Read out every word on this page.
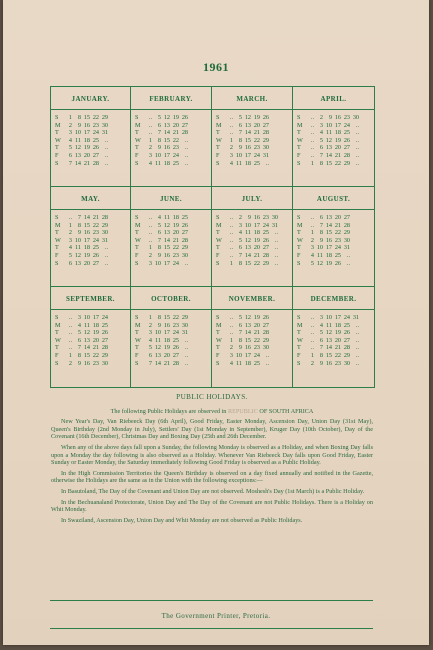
1961
JANUARY.
S
M
T
W
T
F
S
1
2
3
4
5
6
7
8
9
10
11
12
13
14
15
16
17
18
19
20
21
22
23
24
25
26
27
28
29
30
31
..
..
..
..
FEBRUARY.
S
M
T
W
T
F
S
..
..
..
1
2
3
4
5
6
7
8
9
10
11
12
13
14
15
16
17
18
19
20
21
22
23
24
25
26
27
28
..
..
..
..
MARCH.
S
M
T
W
T
F
S
..
..
..
1
2
3
4
5
6
7
8
9
10
11
12
13
14
15
16
17
18
19
20
21
22
23
24
25
26
27
28
29
30
31
..
APRIL.
S
M
T
W
T
F
S
..
..
..
..
..
..
1
2
3
4
5
6
7
8
9
10
11
12
13
14
15
16
17
18
19
20
21
22
23
24
25
26
27
28
29
30
..
..
..
..
..
..
MAY.
S
M
T
W
T
F
S
..
1
2
3
4
5
6
7
8
9
10
11
12
13
14
15
16
17
18
19
20
21
22
23
24
25
26
27
28
29
30
31
..
..
..
JUNE.
S
M
T
W
T
F
S
..
..
..
..
1
2
3
4
5
6
7
8
9
10
11
12
13
14
15
16
17
18
19
20
21
22
23
24
25
26
27
28
29
30
..
JULY.
S
M
T
W
T
F
S
..
..
..
..
..
..
1
2
3
4
5
6
7
8
9
10
11
12
13
14
15
16
17
18
19
20
21
22
23
24
25
26
27
28
29
30
31
..
..
..
..
..
AUGUST.
S
M
T
W
T
F
S
..
..
1
2
3
4
5
6
7
8
9
10
11
12
13
14
15
16
17
18
19
20
21
22
23
24
25
26
27
28
29
30
31
..
..
SEPTEMBER.
S
M
T
W
T
F
S
..
..
..
..
..
1
2
3
4
5
6
7
8
9
10
11
12
13
14
15
16
17
18
19
20
21
22
23
24
25
26
27
28
29
30
OCTOBER.
S
M
T
W
T
F
S
1
2
3
4
5
6
7
8
9
10
11
12
13
14
15
16
17
18
19
20
21
22
23
24
25
26
27
28
29
30
31
..
..
..
..
NOVEMBER.
S
M
T
W
T
F
S
..
..
..
1
2
3
4
5
6
7
8
9
10
11
12
13
14
15
16
17
18
19
20
21
22
23
24
25
26
27
28
29
30
..
..
DECEMBER.
S
M
T
W
T
F
S
..
..
..
..
..
1
2
3
4
5
6
7
8
9
10
11
12
13
14
15
16
17
18
19
20
21
22
23
24
25
26
27
28
29
30
31
..
..
..
..
..
..
PUBLIC HOLIDAYS.

The following Public Holidays are observed in REPUBLIC OF SOUTH AFRICA

New Year's Day, Van Riebeeck Day (6th April), Good Friday, Easter Monday, Ascension Day, Union Day (31st May), Queen's Birthday (2nd Monday in July), Settlers' Day (1st Monday in September), Kruger Day (10th October), Day of the Covenant (16th December), Christmas Day and Boxing Day (25th and 26th December.

When any of the above days fall upon a Sunday, the following Monday is observed as a Holiday, and when Boxing Day falls upon a Monday the day following is also observed as a Holiday. Whenever Van Riebeeck Day falls upon Good Friday, Easter Sunday or Easter Monday, the Saturday immediately following Good Friday is observed as a Public Holiday.

In the High Commission Territories the Queen's Birthday is observed on a day fixed annually and notified in the Gazette, otherwise the Holidays are the same as in the Union with the following exceptions:—

In Basutoland, The Day of the Covenant and Union Day are not observed. Moshesh's Day (1st March) is a Public Holiday.

In the Bechuanaland Protectorate, Union Day and The Day of the Covenant are not Public Holidays. There is a Holiday on Whit Monday.

In Swaziland, Ascension Day, Union Day and Whit Monday are not observed as Public Holidays.

The Government Printer, Pretoria.
